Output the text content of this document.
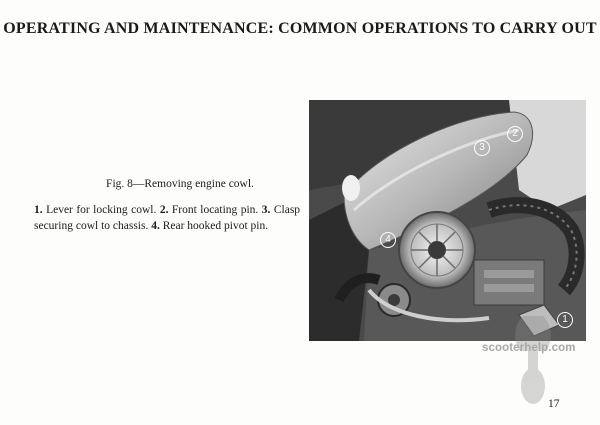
OPERATING AND MAINTENANCE: COMMON OPERATIONS TO CARRY OUT
Fig. 8—Removing engine cowl.
1. Lever for locking cowl. 2. Front locating pin. 3. Clasp securing cowl to chassis. 4. Rear hooked pivot pin.
1
2
3
4
scooterhelp.com
17
